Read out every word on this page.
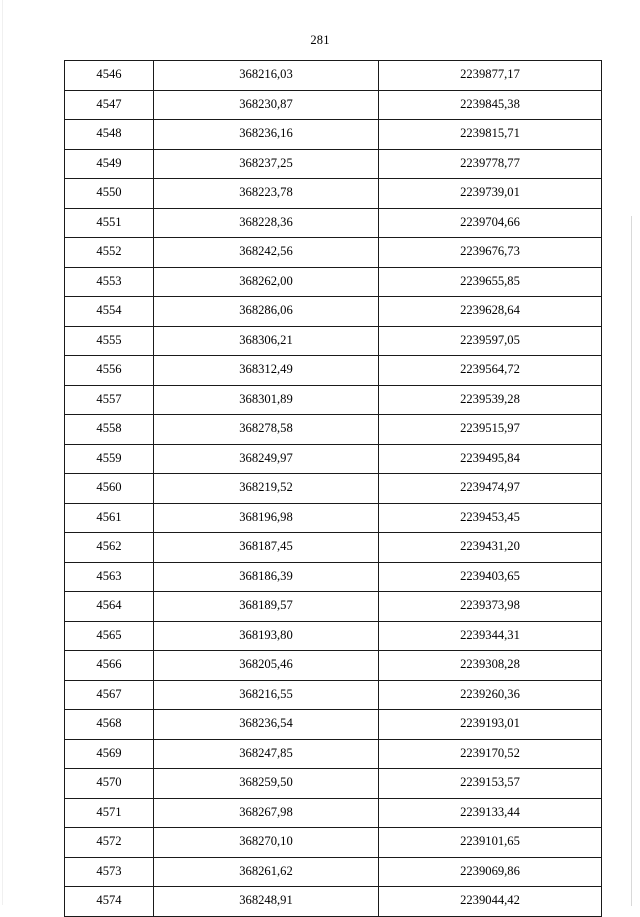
281
4546	368216,03	2239877,17
4547	368230,87	2239845,38
4548	368236,16	2239815,71
4549	368237,25	2239778,77
4550	368223,78	2239739,01
4551	368228,36	2239704,66
4552	368242,56	2239676,73
4553	368262,00	2239655,85
4554	368286,06	2239628,64
4555	368306,21	2239597,05
4556	368312,49	2239564,72
4557	368301,89	2239539,28
4558	368278,58	2239515,97
4559	368249,97	2239495,84
4560	368219,52	2239474,97
4561	368196,98	2239453,45
4562	368187,45	2239431,20
4563	368186,39	2239403,65
4564	368189,57	2239373,98
4565	368193,80	2239344,31
4566	368205,46	2239308,28
4567	368216,55	2239260,36
4568	368236,54	2239193,01
4569	368247,85	2239170,52
4570	368259,50	2239153,57
4571	368267,98	2239133,44
4572	368270,10	2239101,65
4573	368261,62	2239069,86
4574	368248,91	2239044,42
